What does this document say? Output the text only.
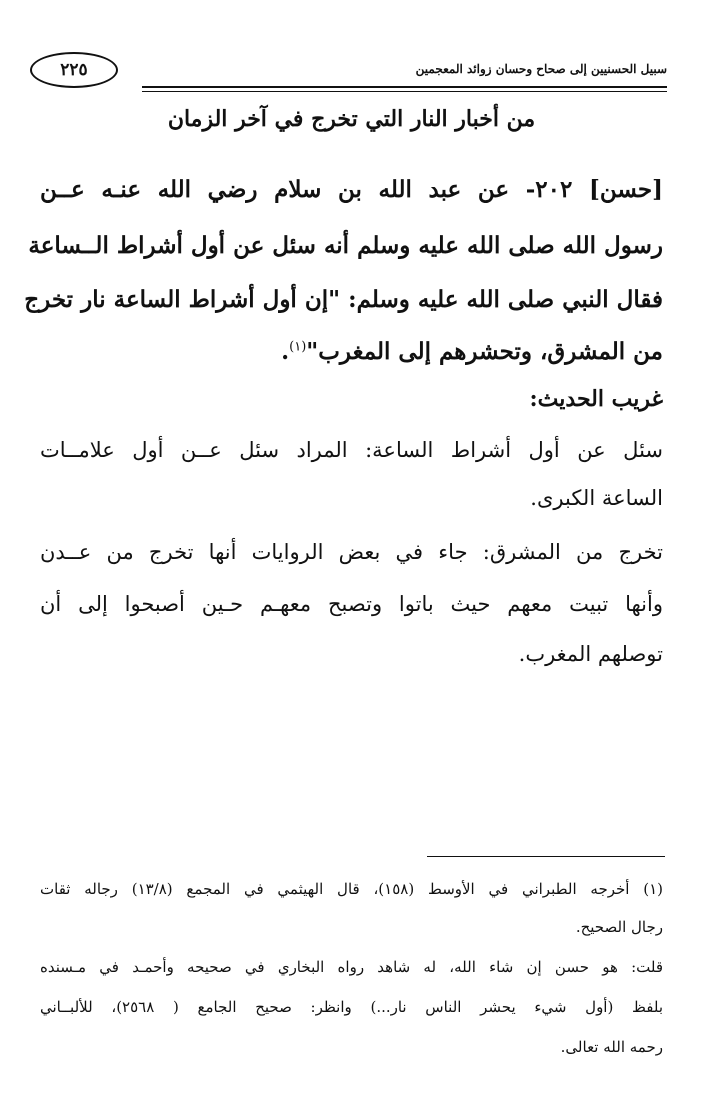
سبيل الحسنيين إلى صحاح وحسان زوائد المعجمين
٢٢٥
من أخبار النار التي تخرج في آخر الزمان
[حسن] ٢٠٢- عن عبد الله بن سلام رضي الله عنـه عــن
رسول الله صلى الله عليه وسلم أنه سئل عن أول أشراط الــساعة
فقال النبي صلى الله عليه وسلم: "إن أول أشراط الساعة نار تخرج
من المشرق، وتحشرهم إلى المغرب"$^{(١)}$.
غريب الحديث:
سئل عن أول أشراط الساعة: المراد سئل عــن أول علامــات
الساعة الكبرى.
تخرج من المشرق: جاء في بعض الروايات أنها تخرج من عــدن
وأنها تبيت معهم حيث باتوا وتصبح معهـم حـين أصبحوا إلى أن
توصلهم المغرب.
(١) أخرجه الطبراني في الأوسط (١٥٨)، قال الهيثمي في المجمع (١٣/٨) رجاله ثقات
رجال الصحيح.
قلت: هو حسن إن شاء الله، له شاهد رواه البخاري في صحيحه وأحمـد في مـسنده
بلفظ (أول شيء يحشر الناس نار...) وانظر: صحيح الجامع ( ٢٥٦٨)، للألبــاني
رحمه الله تعالى.
